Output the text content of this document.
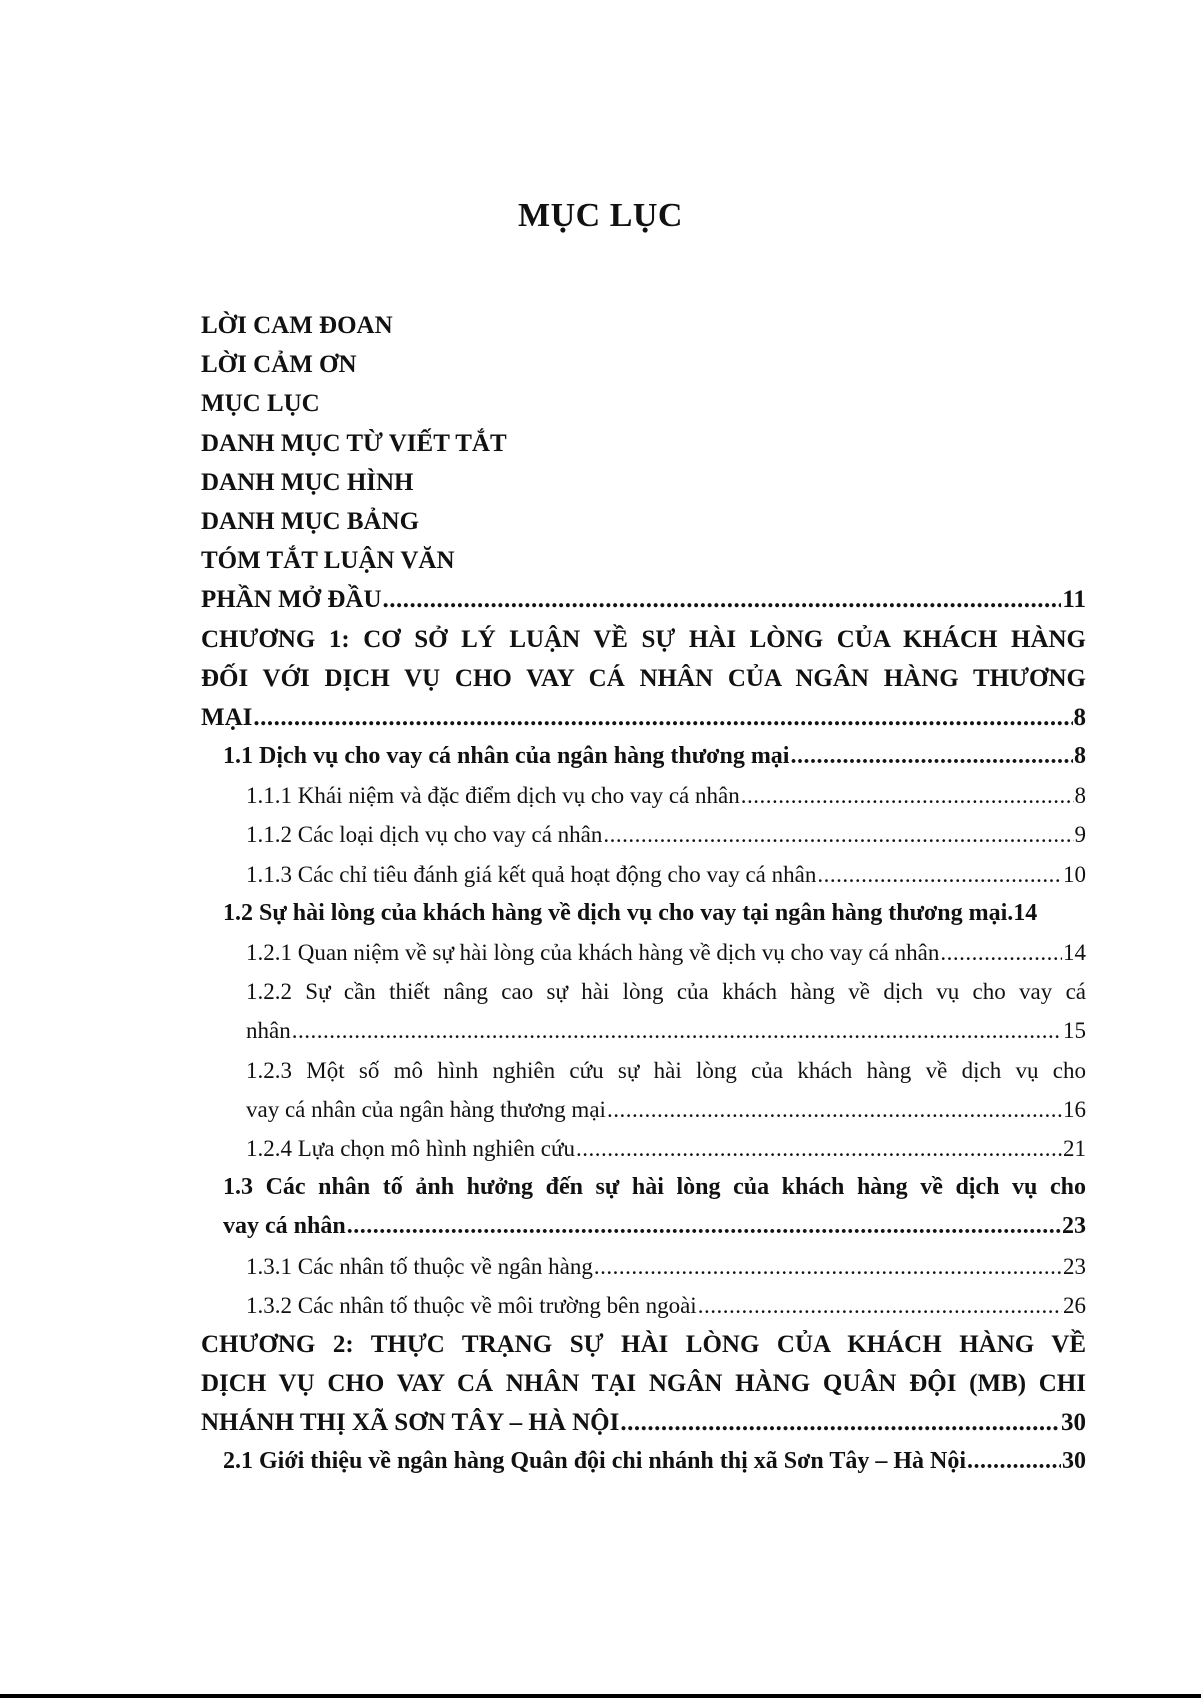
MỤC LỤC
LỜI CAM ĐOAN
LỜI CẢM ƠN
MỤC LỤC
DANH MỤC TỪ VIẾT TẮT
DANH MỤC HÌNH
DANH MỤC BẢNG
TÓM TẮT LUẬN VĂN
PHẦN MỞ ĐẦU .....	11
CHƯƠNG 1: CƠ SỞ LÝ LUẬN VỀ SỰ HÀI LÒNG CỦA KHÁCH HÀNG
ĐỐI VỚI DỊCH VỤ CHO VAY CÁ NHÂN CỦA NGÂN HÀNG THƯƠNG
MẠI .....	8
1.1 Dịch vụ cho vay cá nhân của ngân hàng thương mại .....	8
1.1.1 Khái niệm và đặc điểm dịch vụ cho vay cá nhân .....	8
1.1.2 Các loại dịch vụ cho vay cá nhân .....	9
1.1.3 Các chỉ tiêu đánh giá kết quả hoạt động cho vay cá nhân .....	10
1.2 Sự hài lòng của khách hàng về dịch vụ cho vay tại ngân hàng thương mại. 14
1.2.1 Quan niệm về sự hài lòng của khách hàng về dịch vụ cho vay cá nhân .....	14
1.2.2 Sự cần thiết nâng cao sự hài lòng của khách hàng về dịch vụ cho vay cá
nhân .....	15
1.2.3 Một số mô hình nghiên cứu sự hài lòng của khách hàng về dịch vụ cho
vay cá nhân của ngân hàng thương mại .....	16
1.2.4 Lựa chọn mô hình nghiên cứu .....	21
1.3 Các nhân tố ảnh hưởng đến sự hài lòng của khách hàng về dịch vụ cho
vay cá nhân .....	23
1.3.1 Các nhân tố thuộc về ngân hàng .....	23
1.3.2 Các nhân tố thuộc về môi trường bên ngoài .....	26
CHƯƠNG 2: THỰC TRẠNG SỰ HÀI LÒNG CỦA KHÁCH HÀNG VỀ
DỊCH VỤ CHO VAY CÁ NHÂN TẠI NGÂN HÀNG QUÂN ĐỘI (MB) CHI
NHÁNH THỊ XÃ SƠN TÂY – HÀ NỘI .....	30
2.1 Giới thiệu về ngân hàng Quân đội chi nhánh thị xã Sơn Tây – Hà Nội .....	30
